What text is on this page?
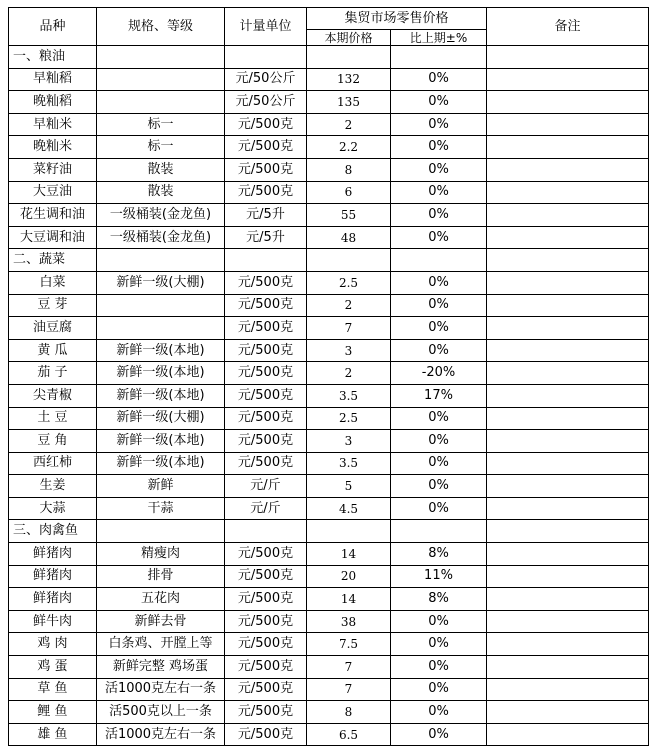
品种	规格、等级	计量单位	集贸市场零售价格		备注
			本期价格	比上期±%	
一、粮油					
早籼稻		元/50公斤	132	0%	
晚籼稻		元/50公斤	135	0%	
早籼米	标一	元/500克	2	0%	
晚籼米	标一	元/500克	2.2	0%	
菜籽油	散装	元/500克	8	0%	
大豆油	散装	元/500克	6	0%	
花生调和油	一级桶装(金龙鱼)	元/5升	55	0%	
大豆调和油	一级桶装(金龙鱼)	元/5升	48	0%	
二、蔬菜					
白菜	新鲜一级(大棚)	元/500克	2.5	0%	
豆 芽		元/500克	2	0%	
油豆腐		元/500克	7	0%	
黄 瓜	新鲜一级(本地)	元/500克	3	0%	
茄 子	新鲜一级(本地)	元/500克	2	-20%	
尖青椒	新鲜一级(本地)	元/500克	3.5	17%	
土 豆	新鲜一级(大棚)	元/500克	2.5	0%	
豆 角	新鲜一级(本地)	元/500克	3	0%	
西红柿	新鲜一级(本地)	元/500克	3.5	0%	
生姜	新鲜	元/斤	5	0%	
大蒜	干蒜	元/斤	4.5	0%	
三、肉禽鱼					
鲜猪肉	精瘦肉	元/500克	14	8%	
鲜猪肉	排骨	元/500克	20	11%	
鲜猪肉	五花肉	元/500克	14	8%	
鲜牛肉	新鲜去骨	元/500克	38	0%	
鸡 肉	白条鸡、开膛上等	元/500克	7.5	0%	
鸡 蛋	新鲜完整 鸡场蛋	元/500克	7	0%	
草 鱼	活1000克左右一条	元/500克	7	0%	
鲤 鱼	活500克以上一条	元/500克	8	0%	
雄 鱼	活1000克左右一条	元/500克	6.5	0%	
